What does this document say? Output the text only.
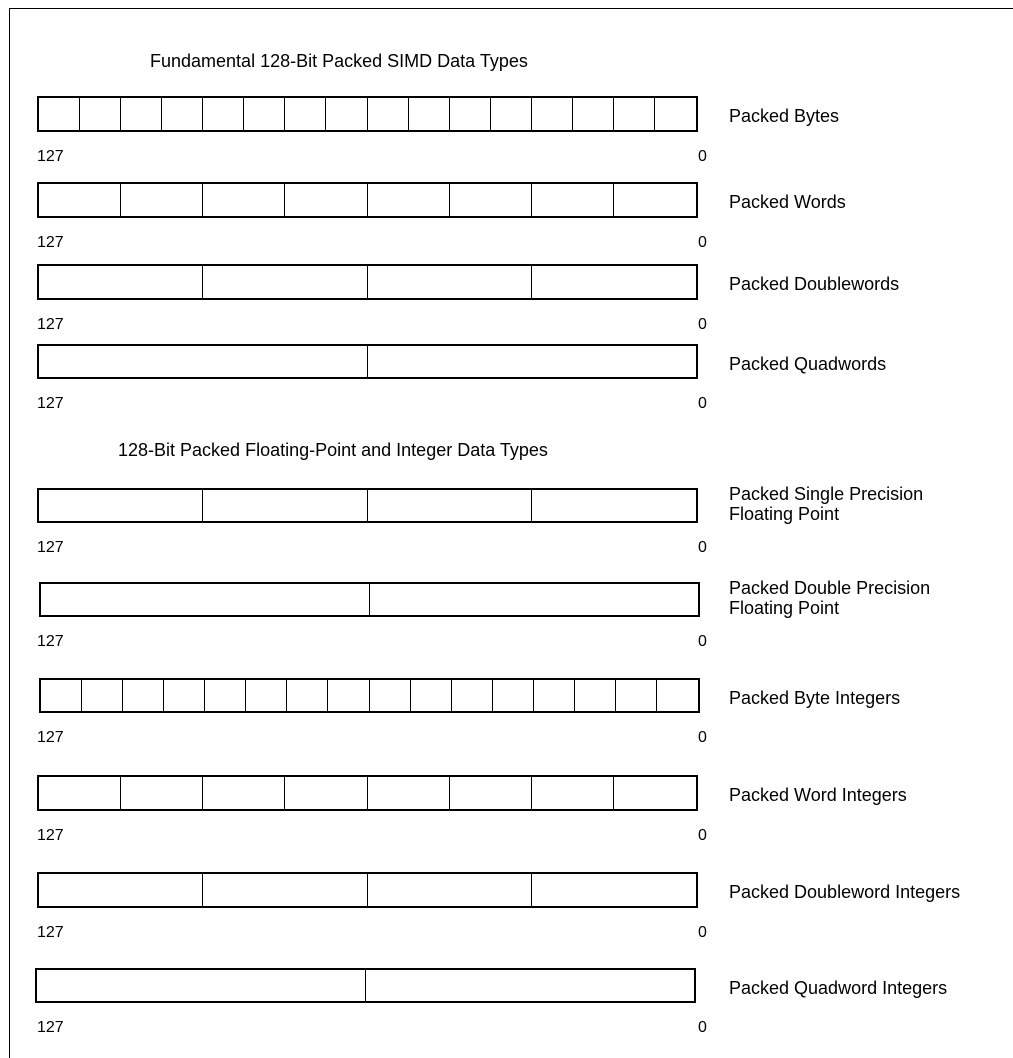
Fundamental 128-Bit Packed SIMD Data Types
Packed Bytes
127	0
Packed Words
127	0
Packed Doublewords
127	0
Packed Quadwords
127	0
128-Bit Packed Floating-Point and Integer Data Types
Packed Single Precision
Floating Point
127	0
Packed Double Precision
Floating Point
127	0
Packed Byte Integers
127	0
Packed Word Integers
127	0
Packed Doubleword Integers
127	0
Packed Quadword Integers
127	0
